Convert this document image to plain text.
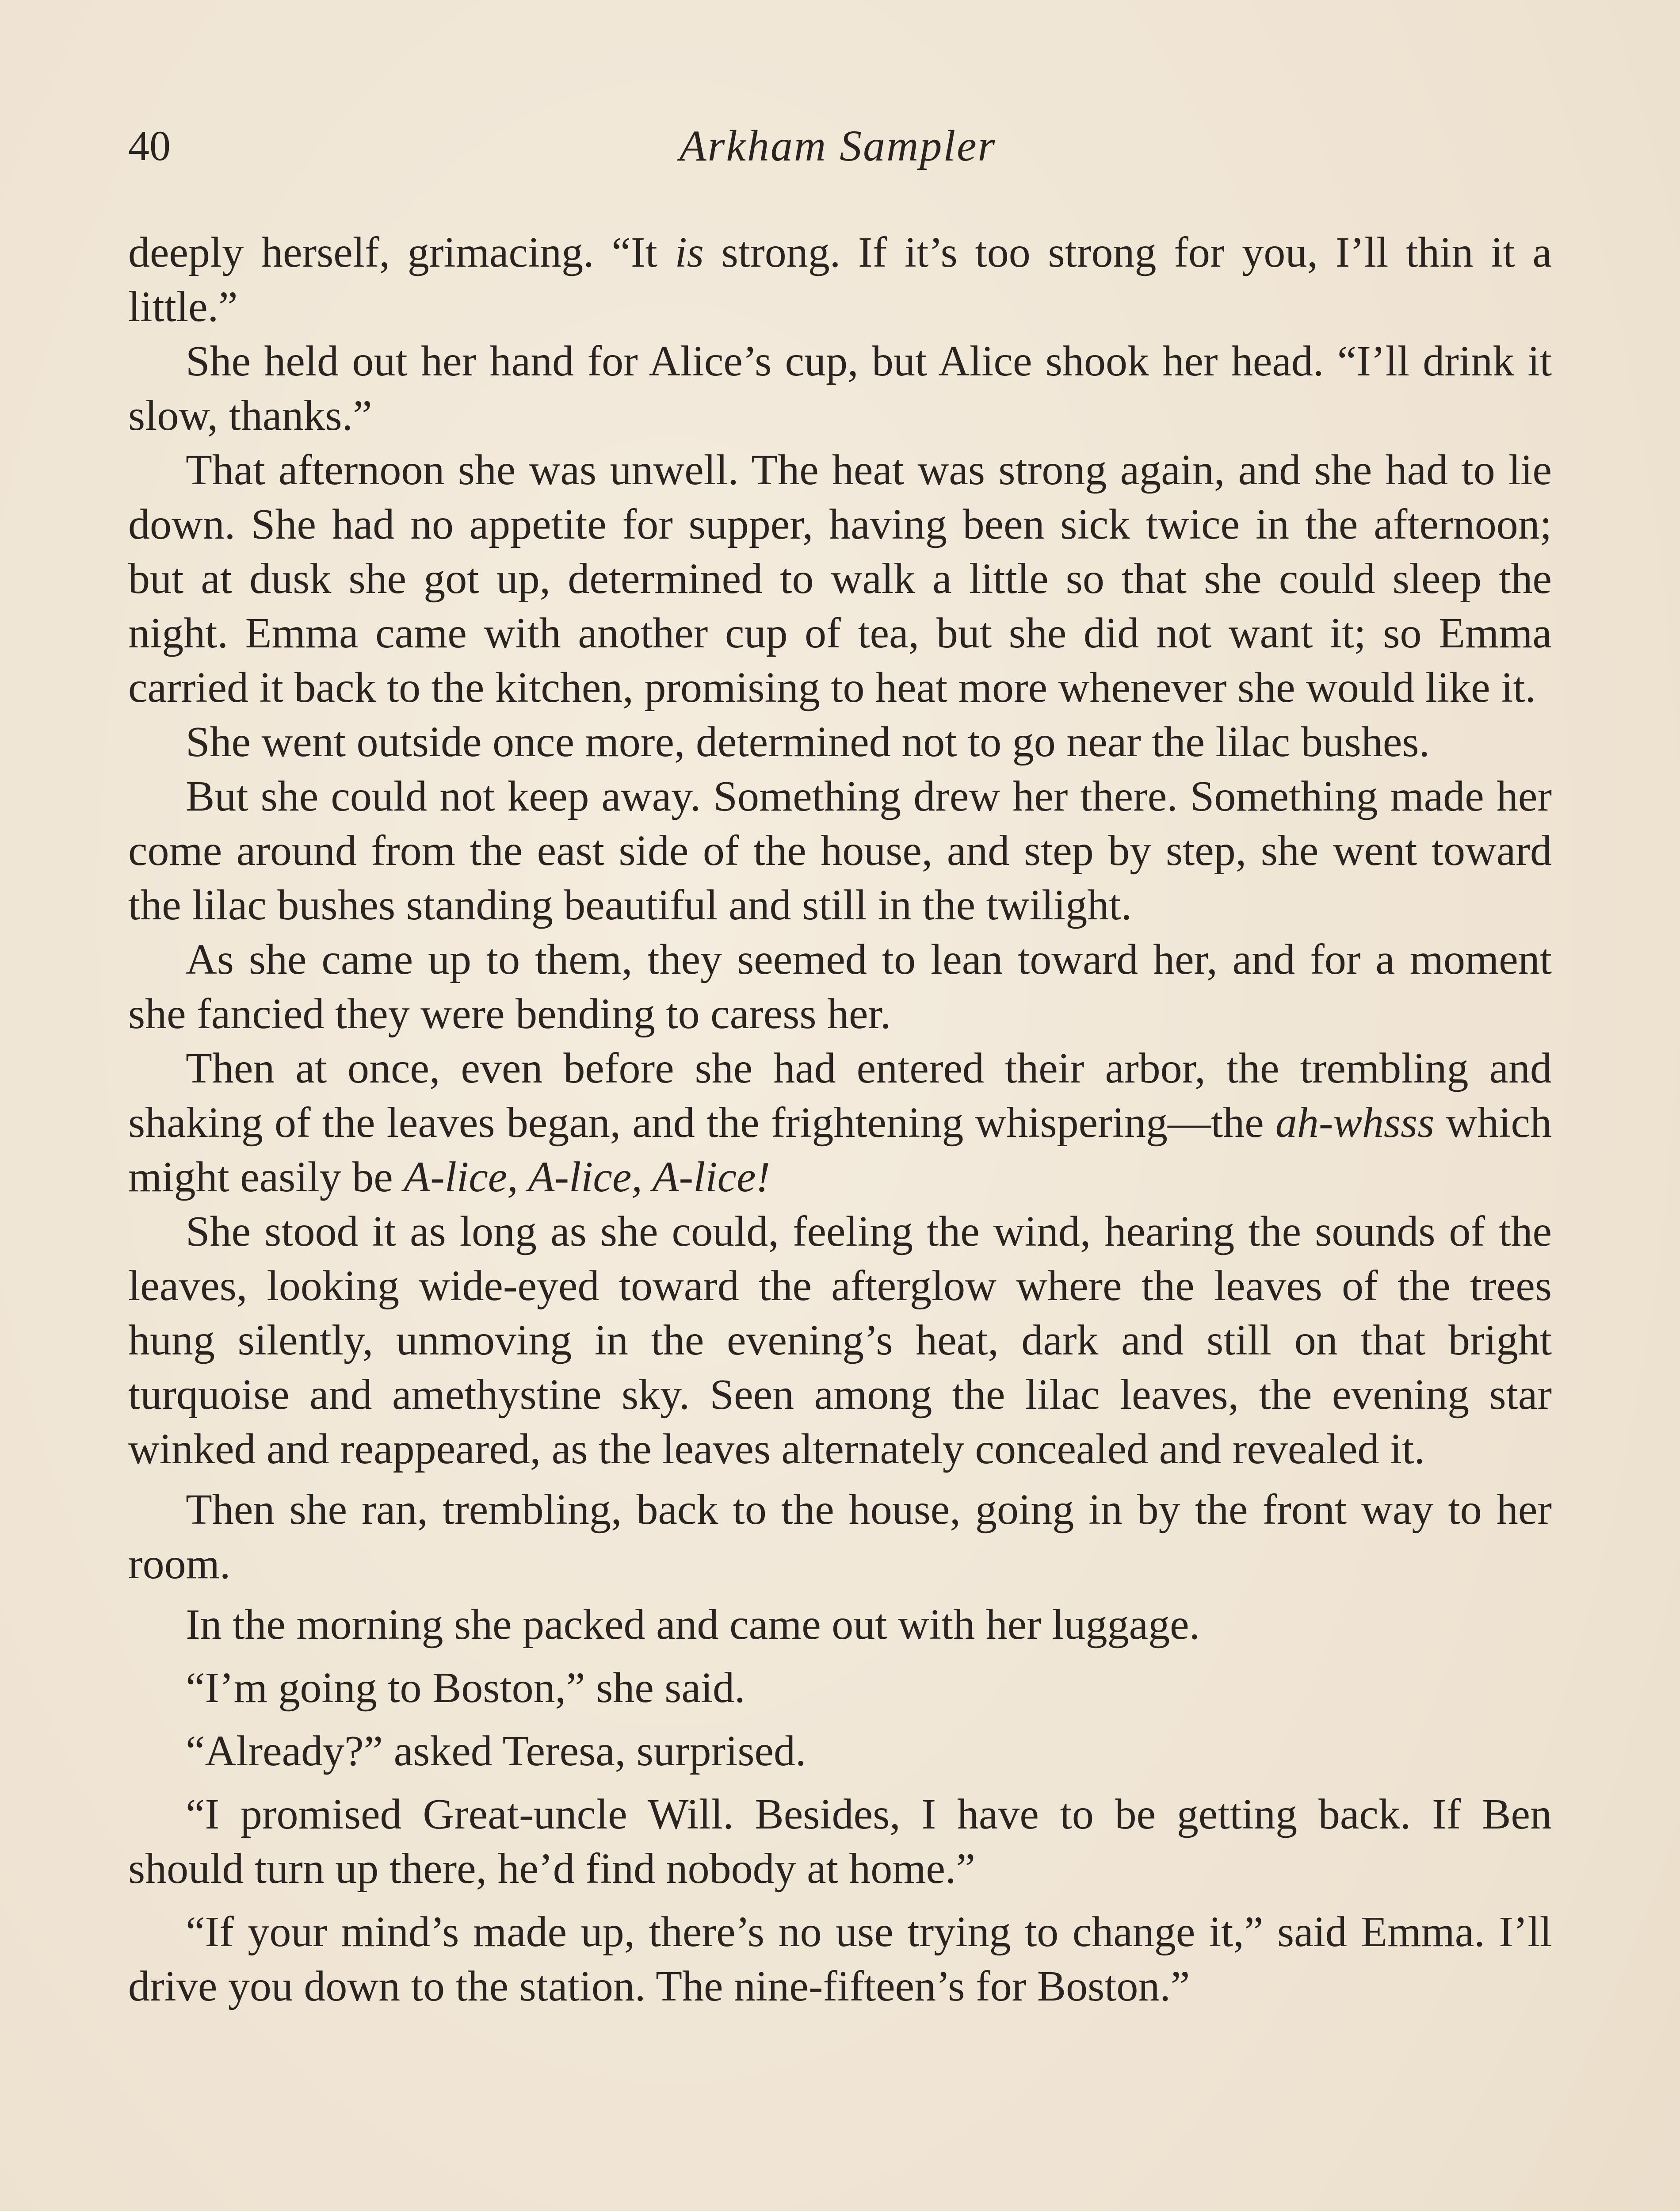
40	Arkham Sampler

deeply herself, grimacing. “It is strong. If it’s too strong for you, I’ll thin it a little.”

She held out her hand for Alice’s cup, but Alice shook her head. “I’ll drink it slow, thanks.”

That afternoon she was unwell. The heat was strong again, and she had to lie down. She had no appetite for supper, having been sick twice in the afternoon; but at dusk she got up, determined to walk a little so that she could sleep the night. Emma came with another cup of tea, but she did not want it; so Emma carried it back to the kitchen, promising to heat more whenever she would like it.

She went outside once more, determined not to go near the lilac bushes.

But she could not keep away. Something drew her there. Something made her come around from the east side of the house, and step by step, she went toward the lilac bushes standing beautiful and still in the twilight.

As she came up to them, they seemed to lean toward her, and for a moment she fancied they were bending to caress her.

Then at once, even before she had entered their arbor, the trembling and shaking of the leaves began, and the frightening whispering—the ah-whsss which might easily be A-lice, A-lice, A-lice!

She stood it as long as she could, feeling the wind, hearing the sounds of the leaves, looking wide-eyed toward the afterglow where the leaves of the trees hung silently, unmoving in the evening’s heat, dark and still on that bright turquoise and amethystine sky. Seen among the lilac leaves, the evening star winked and reappeared, as the leaves alternately concealed and revealed it.

Then she ran, trembling, back to the house, going in by the front way to her room.

In the morning she packed and came out with her luggage.

“I’m going to Boston,” she said.

“Already?” asked Teresa, surprised.

“I promised Great-uncle Will. Besides, I have to be getting back. If Ben should turn up there, he’d find nobody at home.”

“If your mind’s made up, there’s no use trying to change it,” said Emma. I’ll drive you down to the station. The nine-fifteen’s for Boston.”
